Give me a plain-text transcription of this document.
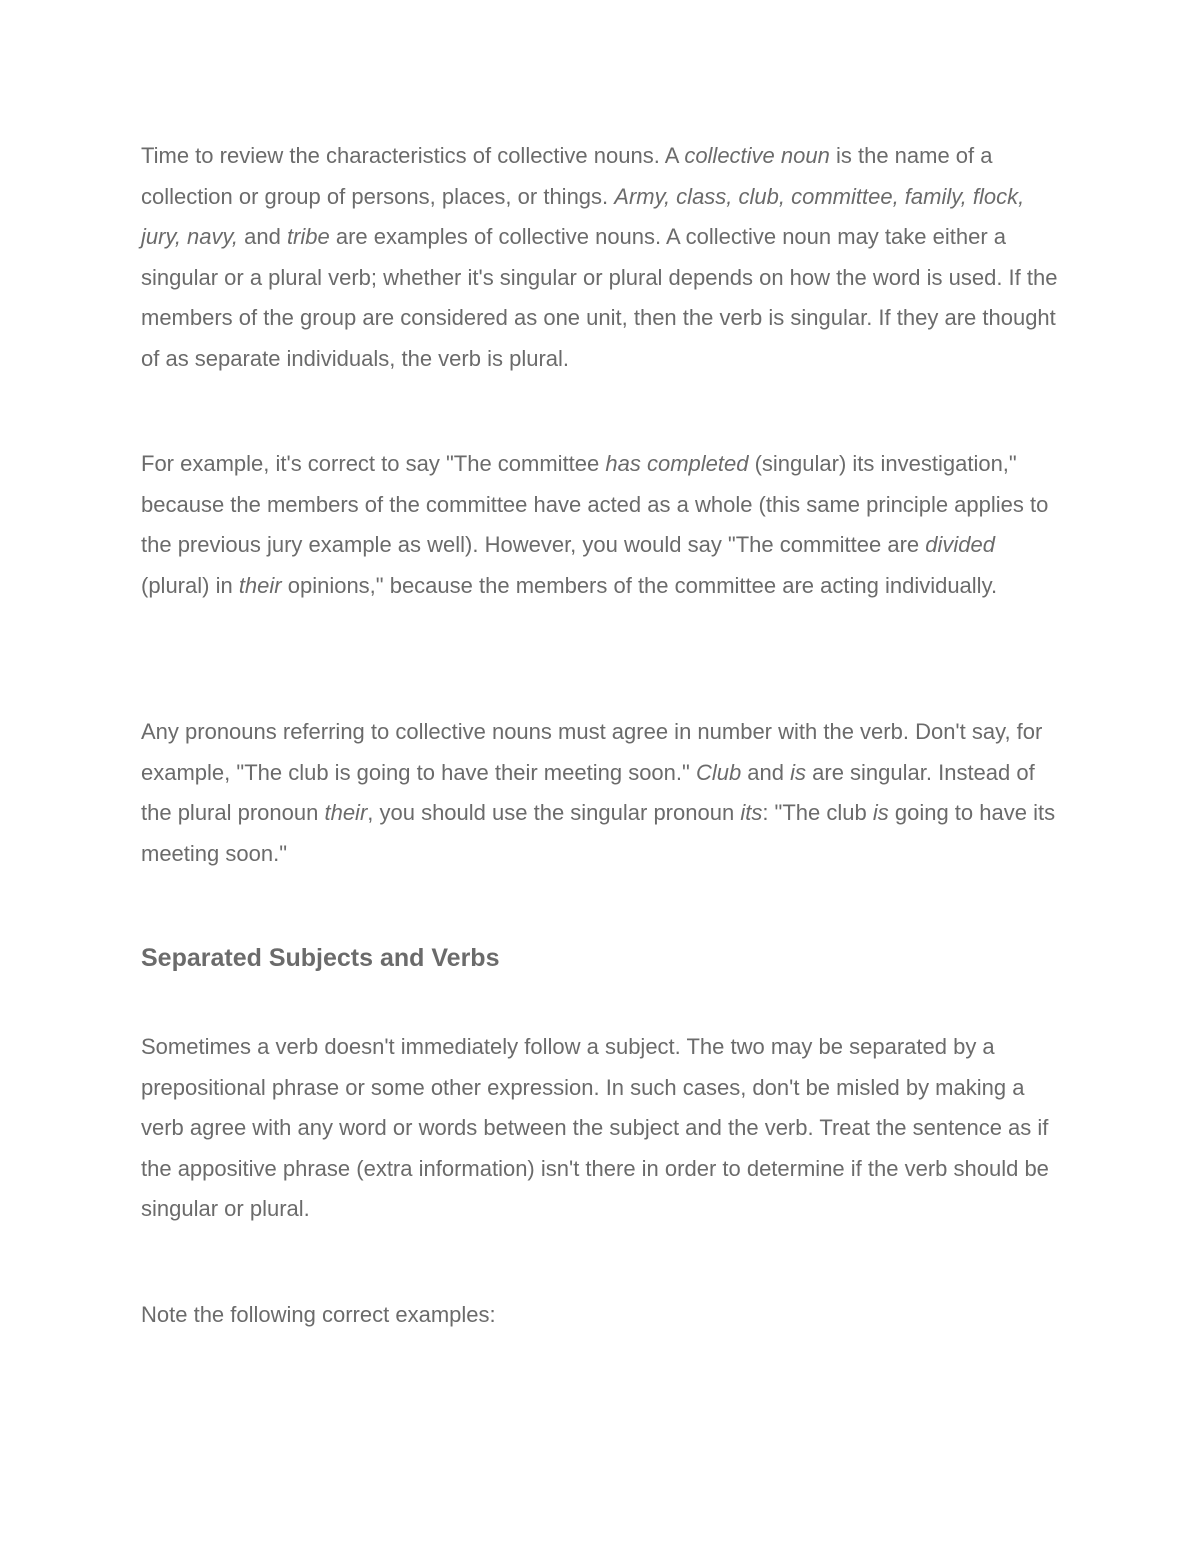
Time to review the characteristics of collective nouns. A collective noun is the name of a collection or group of persons, places, or things. Army, class, club, committee, family, flock, jury, navy, and tribe are examples of collective nouns. A collective noun may take either a singular or a plural verb; whether it's singular or plural depends on how the word is used. If the members of the group are considered as one unit, then the verb is singular. If they are thought of as separate individuals, the verb is plural.

For example, it's correct to say "The committee has completed (singular) its investigation," because the members of the committee have acted as a whole (this same principle applies to the previous jury example as well). However, you would say "The committee are divided (plural) in their opinions," because the members of the committee are acting individually.

Any pronouns referring to collective nouns must agree in number with the verb. Don't say, for example, "The club is going to have their meeting soon." Club and is are singular. Instead of the plural pronoun their, you should use the singular pronoun its: "The club is going to have its meeting soon."

Separated Subjects and Verbs

Sometimes a verb doesn't immediately follow a subject. The two may be separated by a prepositional phrase or some other expression. In such cases, don't be misled by making a verb agree with any word or words between the subject and the verb. Treat the sentence as if the appositive phrase (extra information) isn't there in order to determine if the verb should be singular or plural.

Note the following correct examples:
